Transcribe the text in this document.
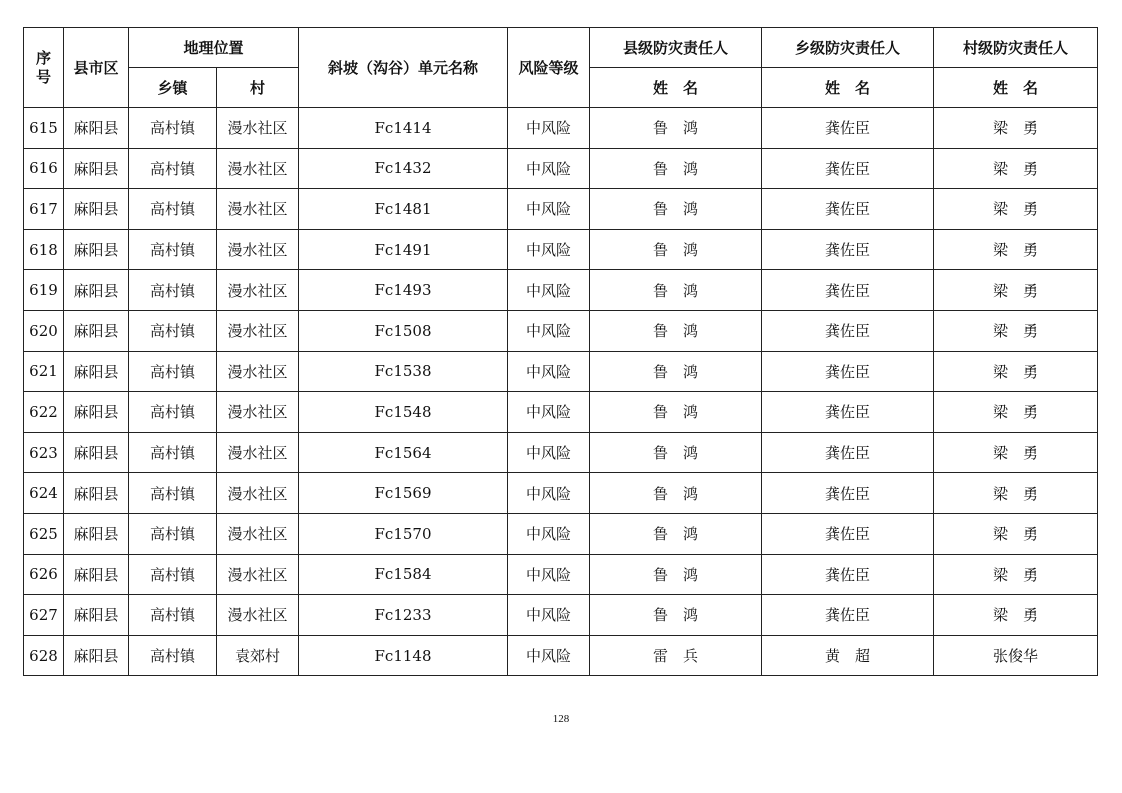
序
号	县市区	地理位置		斜坡（沟谷）单元名称	风险等级	县级防灾责任人	乡级防灾责任人	村级防灾责任人
		乡镇	村			姓　名	姓　名	姓　名
615	麻阳县	高村镇	漫水社区	Fc1414	中风险	鲁　鸿	龚佐臣	梁　勇
616	麻阳县	高村镇	漫水社区	Fc1432	中风险	鲁　鸿	龚佐臣	梁　勇
617	麻阳县	高村镇	漫水社区	Fc1481	中风险	鲁　鸿	龚佐臣	梁　勇
618	麻阳县	高村镇	漫水社区	Fc1491	中风险	鲁　鸿	龚佐臣	梁　勇
619	麻阳县	高村镇	漫水社区	Fc1493	中风险	鲁　鸿	龚佐臣	梁　勇
620	麻阳县	高村镇	漫水社区	Fc1508	中风险	鲁　鸿	龚佐臣	梁　勇
621	麻阳县	高村镇	漫水社区	Fc1538	中风险	鲁　鸿	龚佐臣	梁　勇
622	麻阳县	高村镇	漫水社区	Fc1548	中风险	鲁　鸿	龚佐臣	梁　勇
623	麻阳县	高村镇	漫水社区	Fc1564	中风险	鲁　鸿	龚佐臣	梁　勇
624	麻阳县	高村镇	漫水社区	Fc1569	中风险	鲁　鸿	龚佐臣	梁　勇
625	麻阳县	高村镇	漫水社区	Fc1570	中风险	鲁　鸿	龚佐臣	梁　勇
626	麻阳县	高村镇	漫水社区	Fc1584	中风险	鲁　鸿	龚佐臣	梁　勇
627	麻阳县	高村镇	漫水社区	Fc1233	中风险	鲁　鸿	龚佐臣	梁　勇
628	麻阳县	高村镇	袁郊村	Fc1148	中风险	雷　兵	黄　超	张俊华
128
